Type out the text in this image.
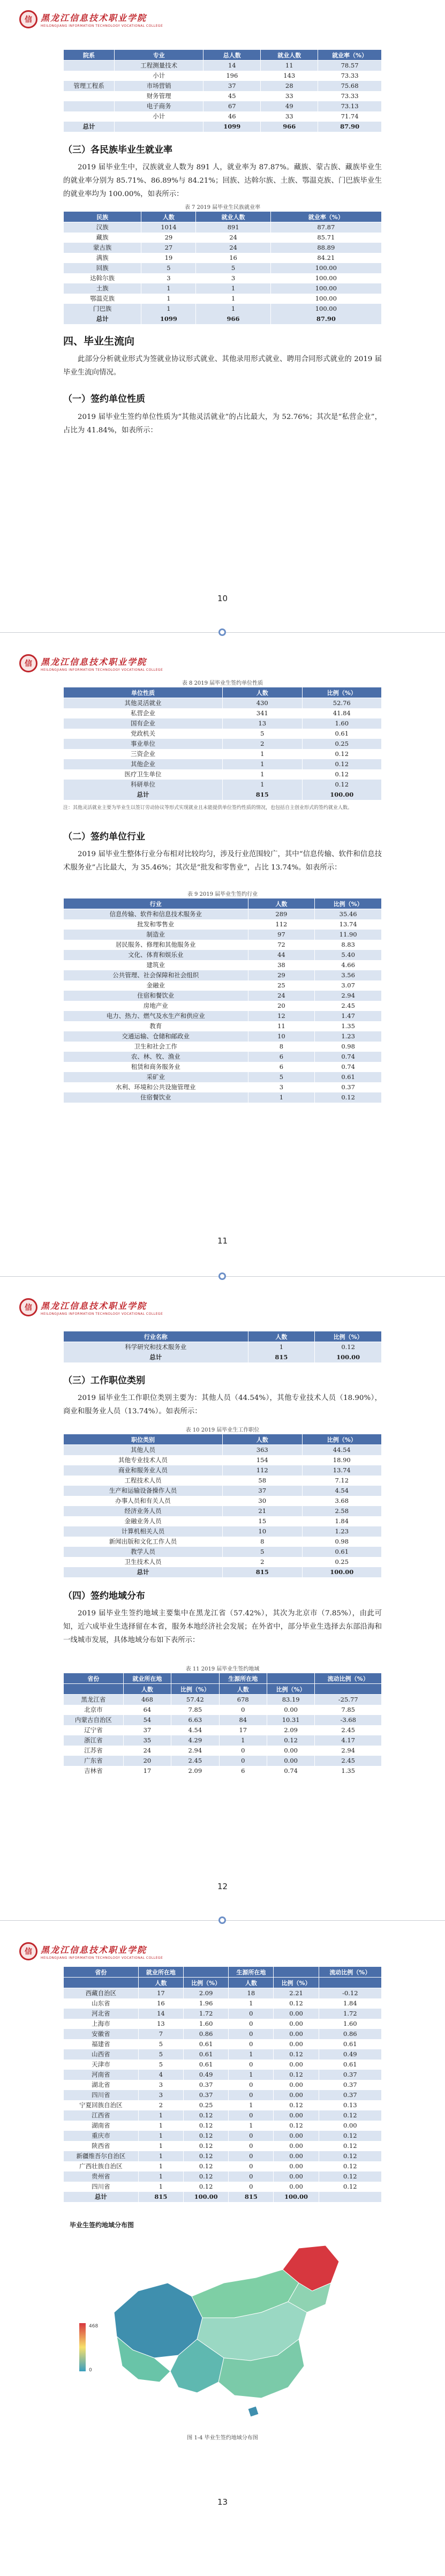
信 黑龙江信息技术职业学院
HEILONGJIANG INFORMATION TECHNOLOGY VOCATIONAL COLLEGE
院系	专业	总人数	就业人数	就业率（%）
	工程测量技术	14	11	78.57
	小计	196	143	73.33
管理工程系	市场营销	37	28	75.68
	财务管理	45	33	73.33
	电子商务	67	49	73.13
	小计	46	33	71.74
总计		1099	966	87.90
（三）各民族毕业生就业率
2019 届毕业生中，汉族就业人数为 891 人，就业率为 87.87%。藏族、蒙古族、藏族毕业生的就业率分别为 85.71%、86.89%与 84.21%；回族、达斡尔族、土族、鄂温克族、门巴族毕业生的就业率均为 100.00%，如表所示：
表 7 2019 届毕业生民族就业率
民族	人数	就业人数	就业率（%）
汉族	1014	891	87.87
藏族	29	24	85.71
蒙古族	27	24	88.89
满族	19	16	84.21
回族	5	5	100.00
达斡尔族	3	3	100.00
土族	1	1	100.00
鄂温克族	1	1	100.00
门巴族	1	1	100.00
总计	1099	966	87.90
四、毕业生流向
此部分分析就业形式为签就业协议形式就业、其他录用形式就业、聘用合同形式就业的 2019 届毕业生流向情况。
（一）签约单位性质
2019 届毕业生签约单位性质为“其他灵活就业”的占比最大，为 52.76%；其次是“私营企业”，占比为 41.84%，如表所示：
10
信 黑龙江信息技术职业学院
HEILONGJIANG INFORMATION TECHNOLOGY VOCATIONAL COLLEGE
表 8 2019 届毕业生签约单位性质
单位性质	人数	比例（%）
其他灵活就业	430	52.76
私营企业	341	41.84
国有企业	13	1.60
党政机关	5	0.61
事业单位	2	0.25
三资企业	1	0.12
其他企业	1	0.12
医疗卫生单位	1	0.12
科研单位	1	0.12
总计	815	100.00
注：其他灵活就业主要为毕业生以签订劳动协议等形式实现就业且未能提供单位签约性质的情况，也包括自主创业形式的签约就业人数。
（二）签约单位行业
2019 届毕业生整体行业分布相对比较均匀，涉及行业范围较广，其中“信息传输、软件和信息技术服务业”占比最大，为 35.46%；其次是“批发和零售业”，占比 13.74%。如表所示：
表 9 2019 届毕业生签约行业
行业	人数	比例（%）
信息传输、软件和信息技术服务业	289	35.46
批发和零售业	112	13.74
制造业	97	11.90
居民服务、修理和其他服务业	72	8.83
文化、体育和娱乐业	44	5.40
建筑业	38	4.66
公共管理、社会保障和社会组织	29	3.56
金融业	25	3.07
住宿和餐饮业	24	2.94
房地产业	20	2.45
电力、热力、燃气及水生产和供应业	12	1.47
教育	11	1.35
交通运输、仓储和邮政业	10	1.23
卫生和社会工作	8	0.98
农、林、牧、渔业	6	0.74
租赁和商务服务业	6	0.74
采矿业	5	0.61
水利、环境和公共设施管理业	3	0.37
住宿餐饮业	1	0.12
11
信 黑龙江信息技术职业学院
HEILONGJIANG INFORMATION TECHNOLOGY VOCATIONAL COLLEGE
行业名称	人数	比例（%）
科学研究和技术服务业	1	0.12
总计	815	100.00
（三）工作职位类别
2019 届毕业生工作职位类别主要为：其他人员（44.54%），其他专业技术人员（18.90%），商业和服务业人员（13.74%）。如表所示：
表 10 2019 届毕业生工作职位
职位类别	人数	比例（%）
其他人员	363	44.54
其他专业技术人员	154	18.90
商业和服务业人员	112	13.74
工程技术人员	58	7.12
生产和运输设备操作人员	37	4.54
办事人员和有关人员	30	3.68
经济业务人员	21	2.58
金融业务人员	15	1.84
计算机相关人员	10	1.23
新闻出版和文化工作人员	8	0.98
教学人员	5	0.61
卫生技术人员	2	0.25
总计	815	100.00
（四）签约地域分布
2019 届毕业生签约地域主要集中在黑龙江省（57.42%），其次为北京市（7.85%），由此可知，近六成毕业生选择留在本省，服务本地经济社会发展；在外省中，部分毕业生选择去东部沿海和一线城市发展，具体地域分布如下表所示：
表 11 2019 届毕业生签约地域
省份	就业所在地		生源所在地		流动比例（%）
	人数	比例（%）	人数	比例（%）	
黑龙江省	468	57.42	678	83.19	-25.77
北京市	64	7.85	0	0.00	7.85
内蒙古自治区	54	6.63	84	10.31	-3.68
辽宁省	37	4.54	17	2.09	2.45
浙江省	35	4.29	1	0.12	4.17
江苏省	24	2.94	0	0.00	2.94
广东省	20	2.45	0	0.00	2.45
吉林省	17	2.09	6	0.74	1.35
12
信 黑龙江信息技术职业学院
HEILONGJIANG INFORMATION TECHNOLOGY VOCATIONAL COLLEGE
省份	就业所在地		生源所在地		流动比例（%）
	人数	比例（%）	人数	比例（%）	
西藏自治区	17	2.09	18	2.21	-0.12
山东省	16	1.96	1	0.12	1.84
河北省	14	1.72	0	0.00	1.72
上海市	13	1.60	0	0.00	1.60
安徽省	7	0.86	0	0.00	0.86
福建省	5	0.61	0	0.00	0.61
山西省	5	0.61	1	0.12	0.49
天津市	5	0.61	0	0.00	0.61
河南省	4	0.49	1	0.12	0.37
湖北省	3	0.37	0	0.00	0.37
四川省	3	0.37	0	0.00	0.37
宁夏回族自治区	2	0.25	1	0.12	0.13
江西省	1	0.12	0	0.00	0.12
湖南省	1	0.12	1	0.12	0.00
重庆市	1	0.12	0	0.00	0.12
陕西省	1	0.12	0	0.00	0.12
新疆维吾尔自治区	1	0.12	0	0.00	0.12
广西壮族自治区	1	0.12	0	0.00	0.12
贵州省	1	0.12	0	0.00	0.12
四川省	1	0.12	0	0.00	0.12
总计	815	100.00	815	100.00	
毕业生签约地域分布图
468
0
图 1-4 毕业生签约地域分布图
13
